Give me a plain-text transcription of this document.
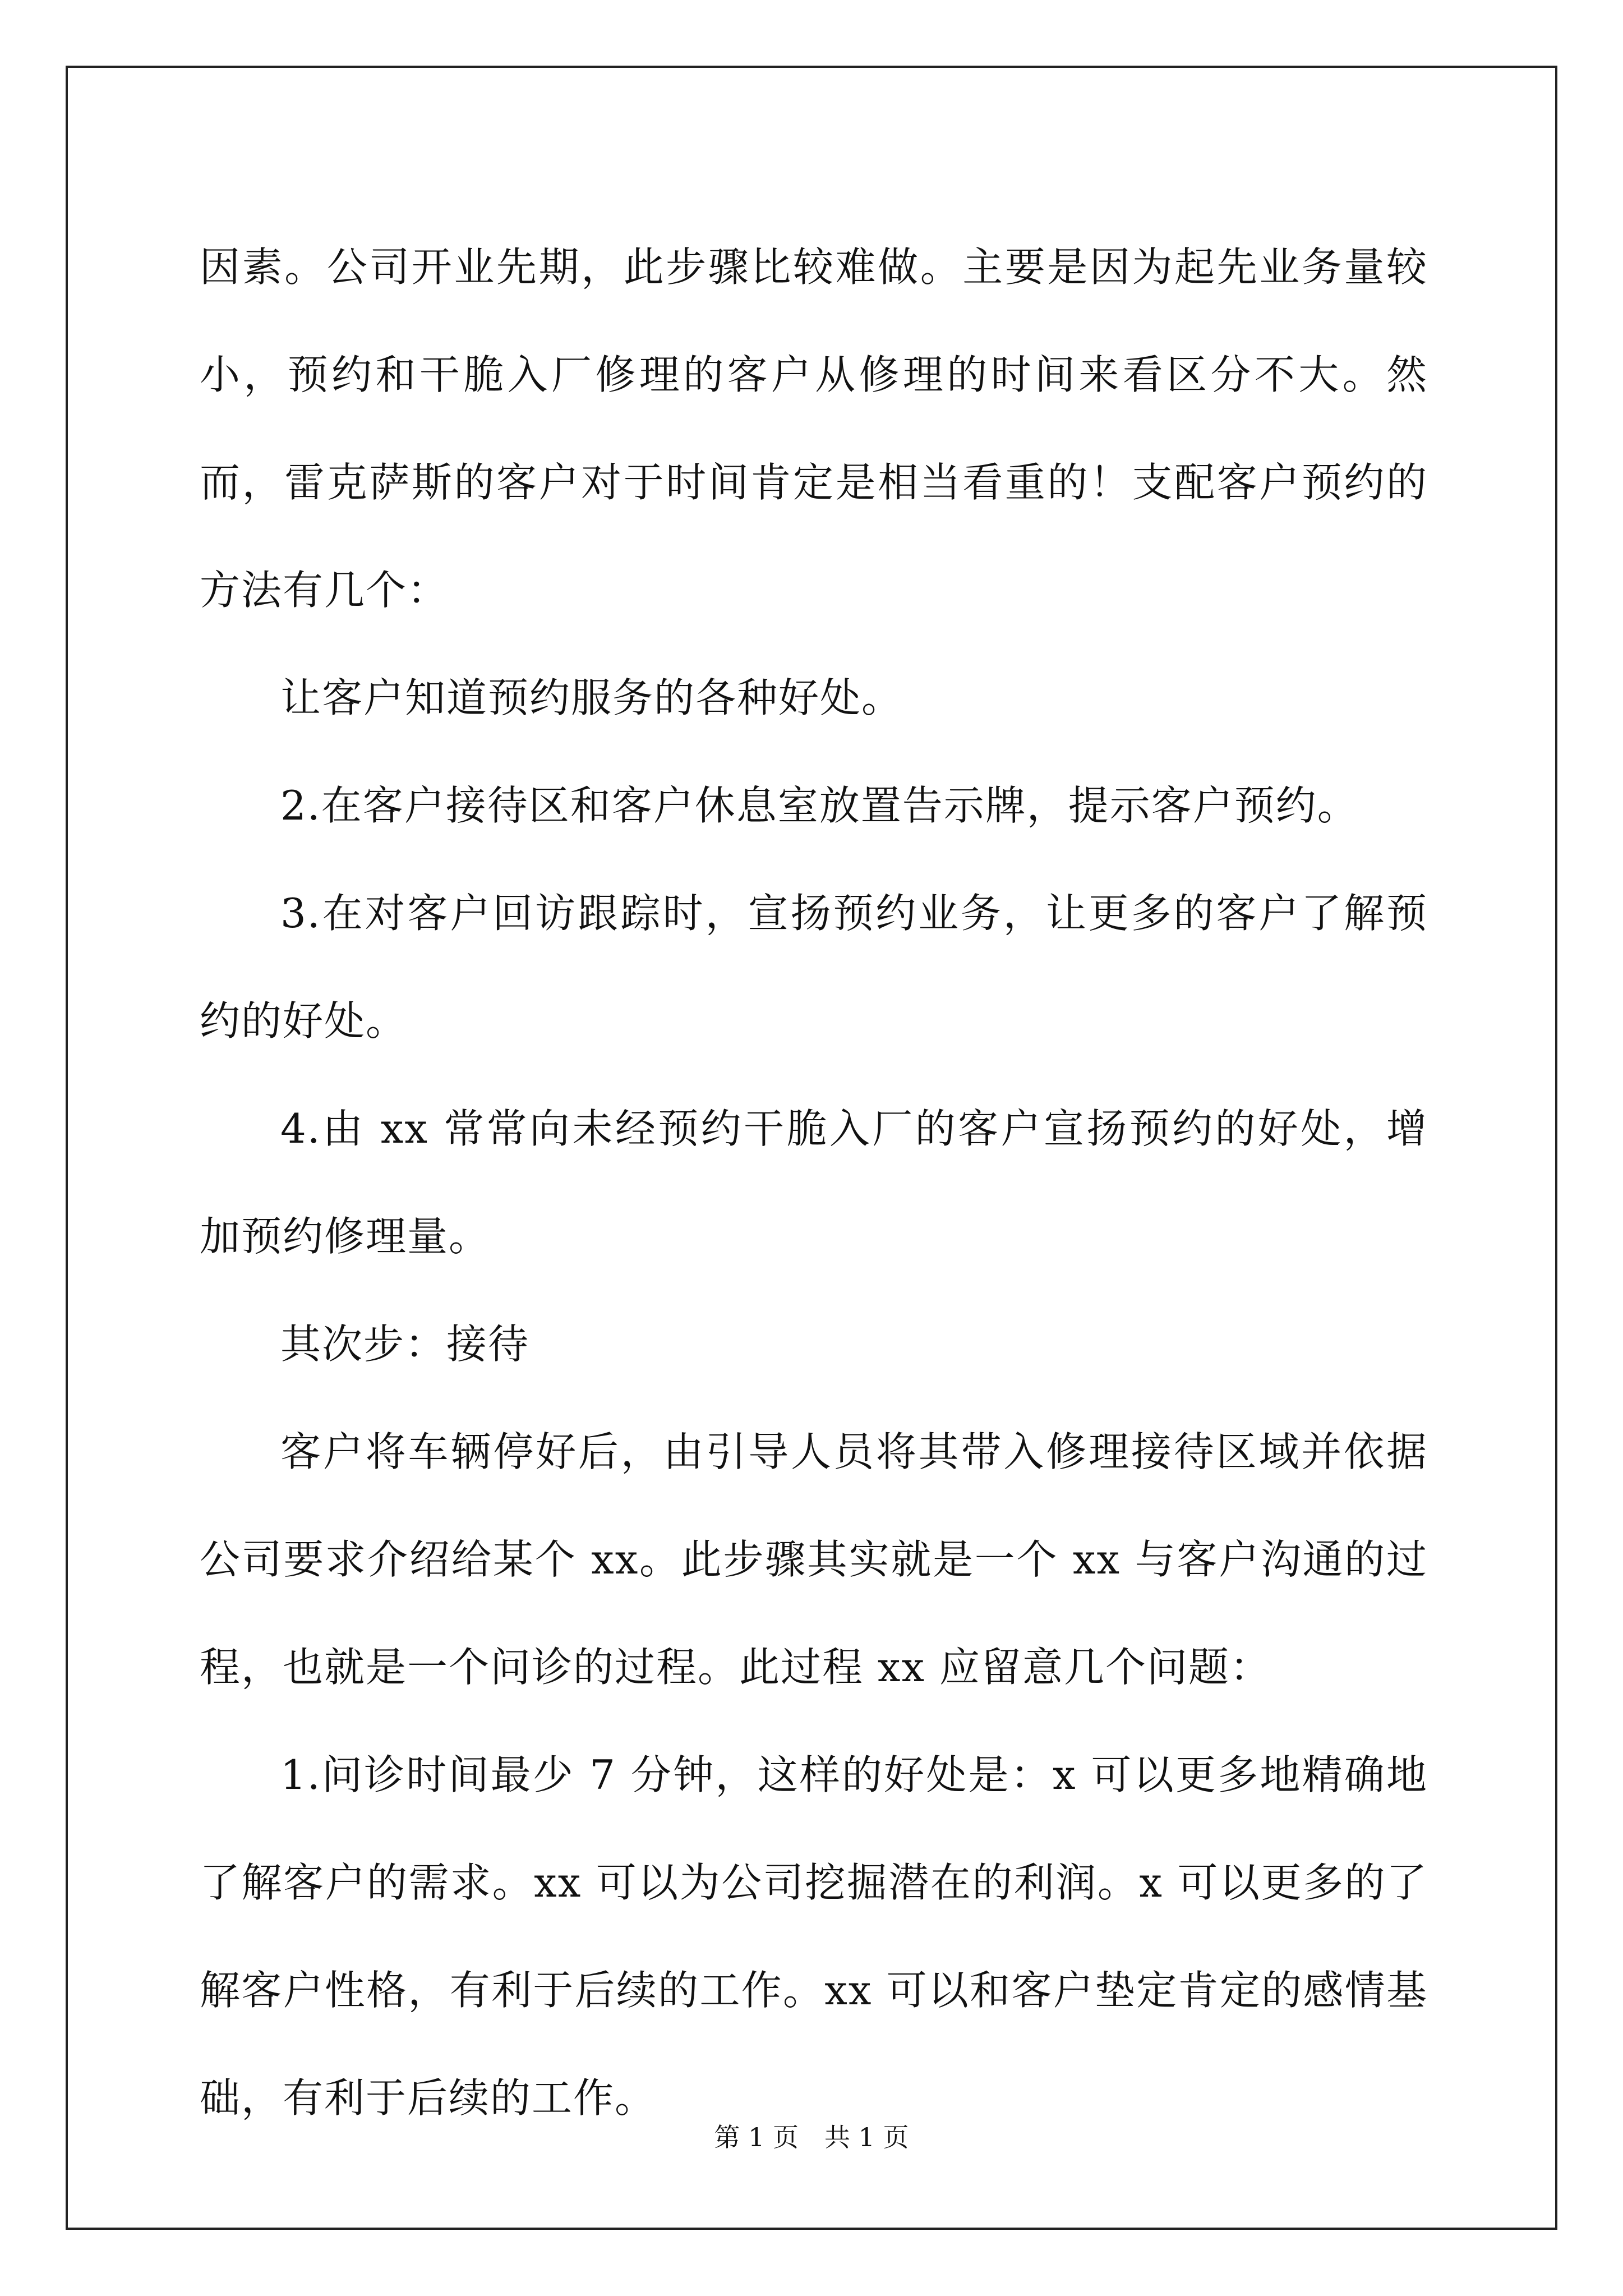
因素。公司开业先期，此步骤比较难做。主要是因为起先业务量较小，预约和干脆入厂修理的客户从修理的时间来看区分不大。然而，雷克萨斯的客户对于时间肯定是相当看重的！支配客户预约的方法有几个：

让客户知道预约服务的各种好处。

2.在客户接待区和客户休息室放置告示牌，提示客户预约。

3.在对客户回访跟踪时，宣扬预约业务，让更多的客户了解预约的好处。

4.由 xx 常常向未经预约干脆入厂的客户宣扬预约的好处，增加预约修理量。

其次步：接待

客户将车辆停好后，由引导人员将其带入修理接待区域并依据公司要求介绍给某个 xx。此步骤其实就是一个 xx 与客户沟通的过程，也就是一个问诊的过程。此过程 xx 应留意几个问题：

1.问诊时间最少 7 分钟，这样的好处是：x 可以更多地精确地了解客户的需求。xx 可以为公司挖掘潜在的利润。x 可以更多的了解客户性格，有利于后续的工作。xx 可以和客户垫定肯定的感情基础，有利于后续的工作。

第 1 页　共 1 页
